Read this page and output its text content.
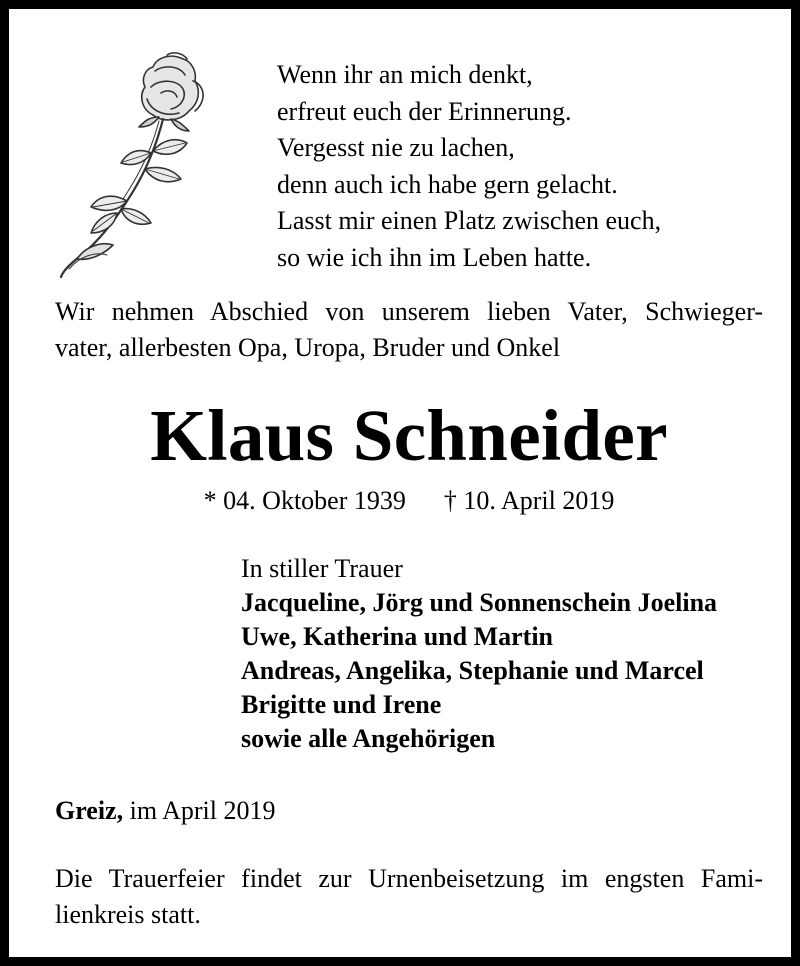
Wenn ihr an mich denkt,
erfreut euch der Erinnerung.
Vergesst nie zu lachen,
denn auch ich habe gern gelacht.
Lasst mir einen Platz zwischen euch,
so wie ich ihn im Leben hatte.
Wir nehmen Abschied von unserem lieben Vater, Schwieger-
vater, allerbesten Opa, Uropa, Bruder und Onkel
Klaus Schneider
* 04. Oktober 1939 † 10. April 2019
In stiller Trauer
Jacqueline, Jörg und Sonnenschein Joelina
Uwe, Katherina und Martin
Andreas, Angelika, Stephanie und Marcel
Brigitte und Irene
sowie alle Angehörigen
Greiz, im April 2019
Die Trauerfeier findet zur Urnenbeisetzung im engsten Fami-
lienkreis statt.
